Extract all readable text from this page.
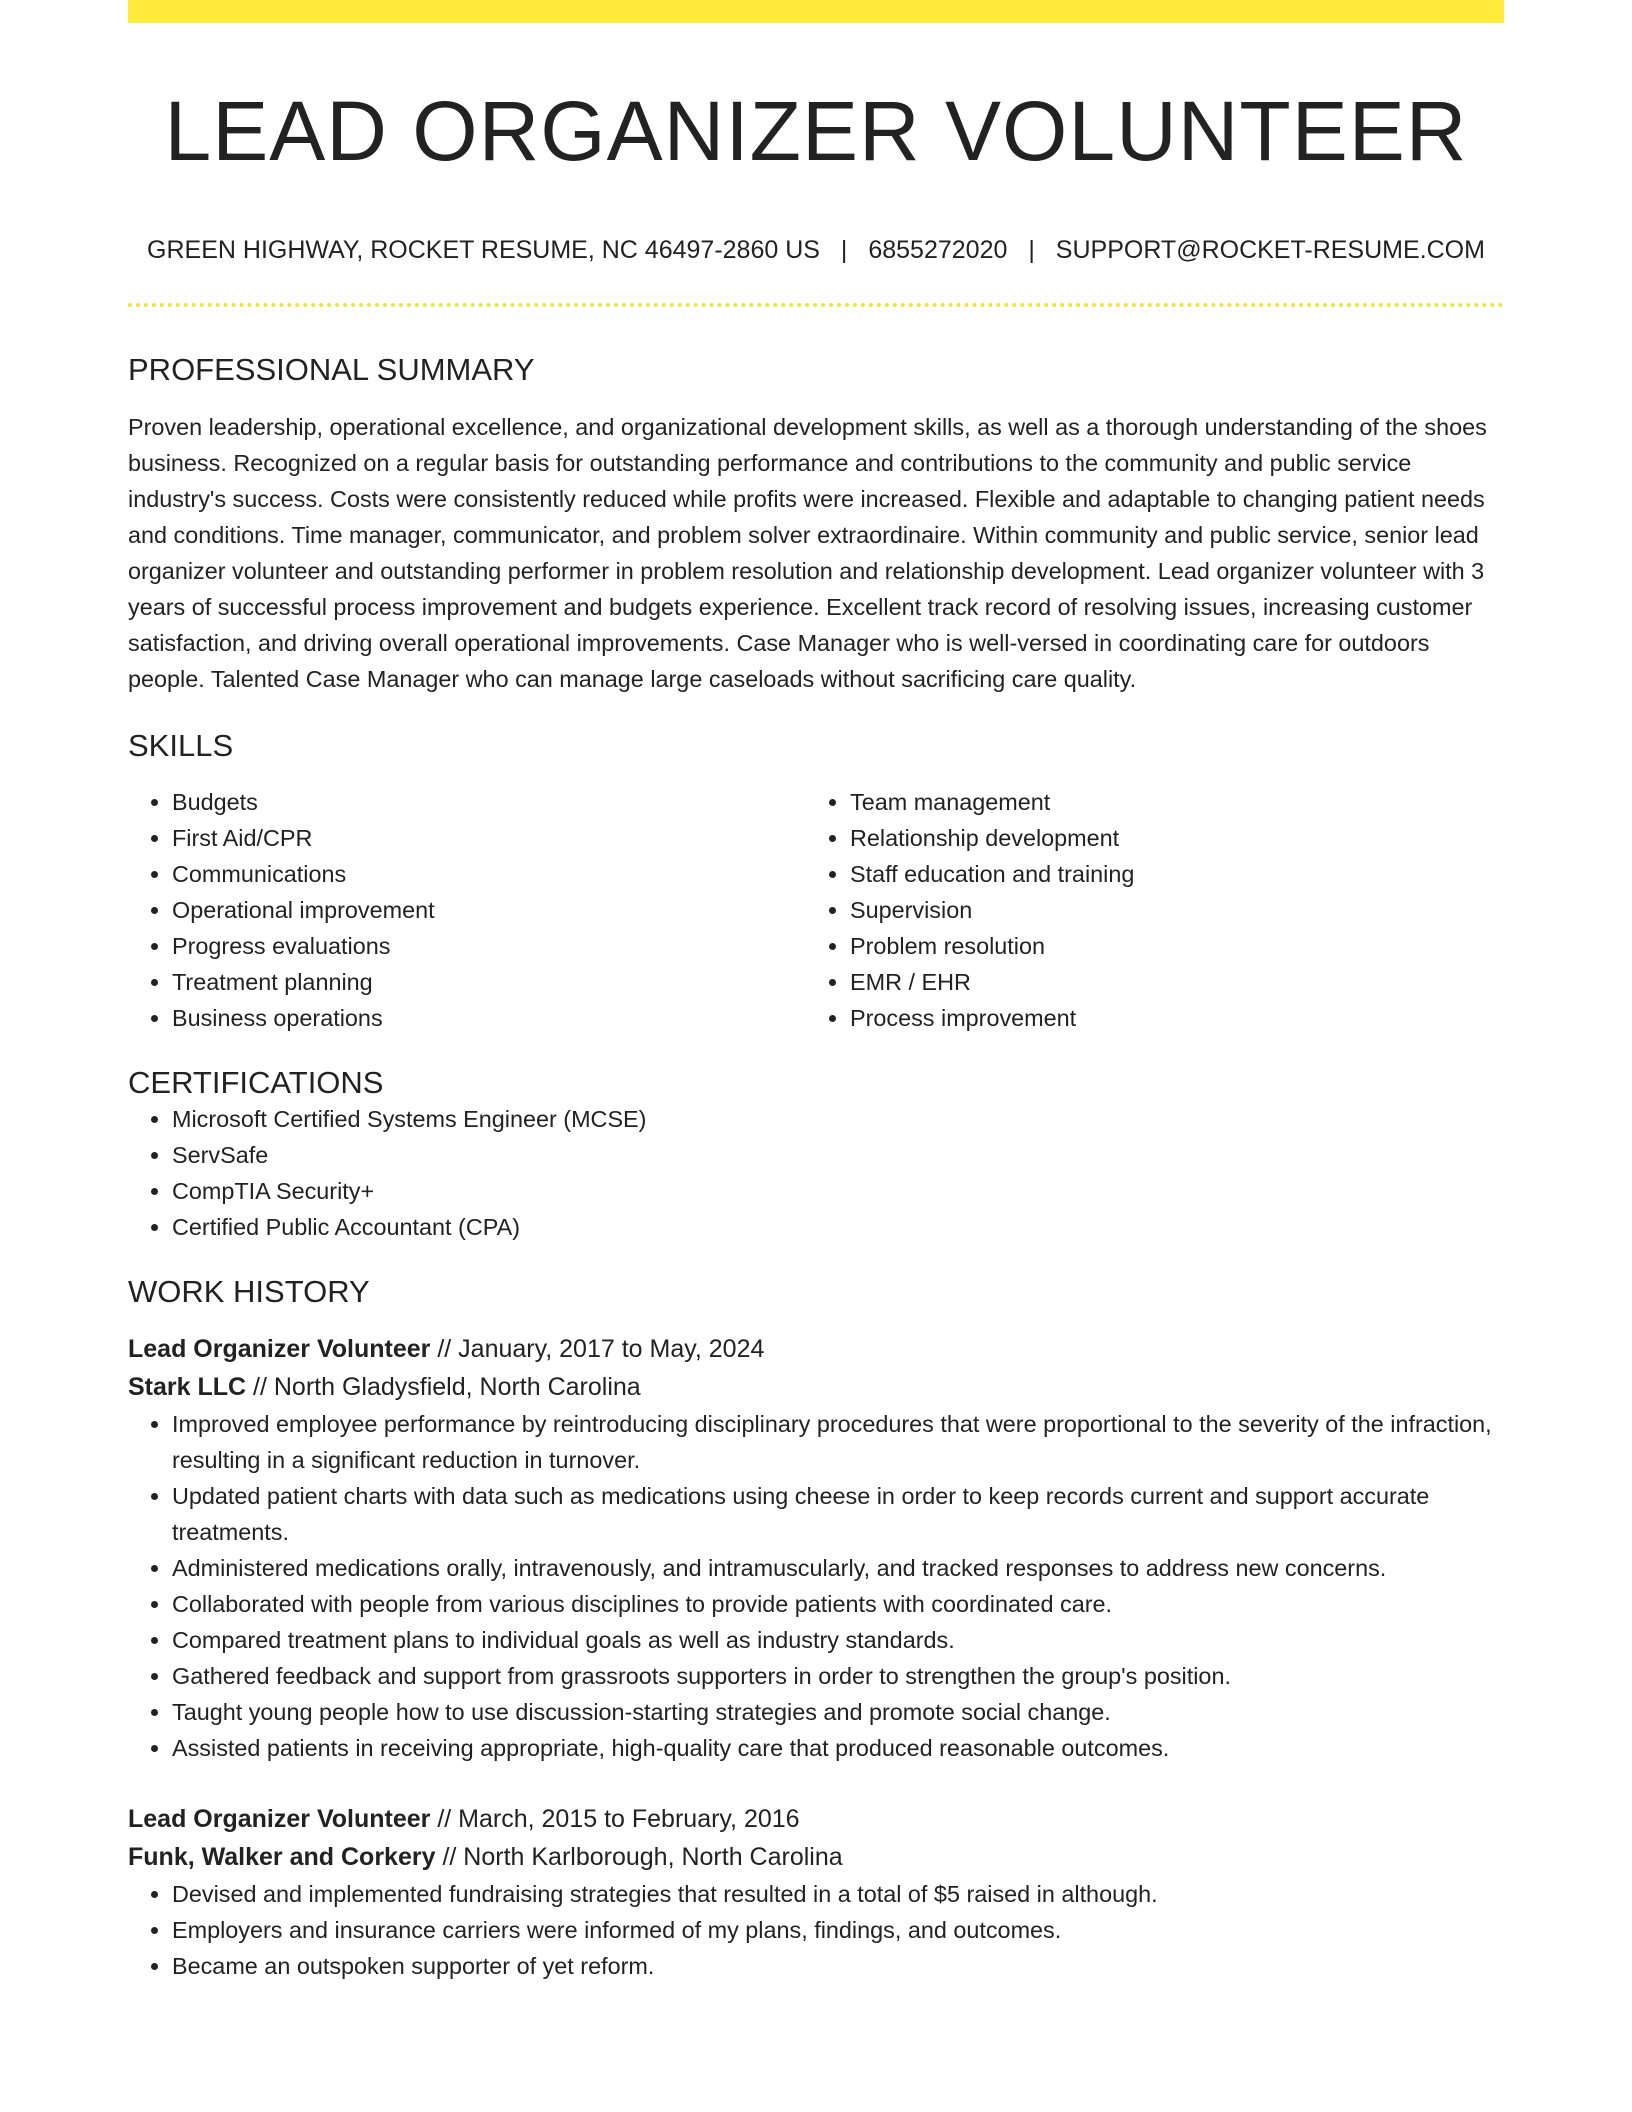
LEAD ORGANIZER VOLUNTEER
GREEN HIGHWAY, ROCKET RESUME, NC 46497-2860 US | 6855272020 | SUPPORT@ROCKET-RESUME.COM
PROFESSIONAL SUMMARY

Proven leadership, operational excellence, and organizational development skills, as well as a thorough understanding of the shoes business. Recognized on a regular basis for outstanding performance and contributions to the community and public service industry's success. Costs were consistently reduced while profits were increased. Flexible and adaptable to changing patient needs and conditions. Time manager, communicator, and problem solver extraordinaire. Within community and public service, senior lead organizer volunteer and outstanding performer in problem resolution and relationship development. Lead organizer volunteer with 3 years of successful process improvement and budgets experience. Excellent track record of resolving issues, increasing customer satisfaction, and driving overall operational improvements. Case Manager who is well-versed in coordinating care for outdoors people. Talented Case Manager who can manage large caseloads without sacrificing care quality.

SKILLS
• Budgets
• First Aid/CPR
• Communications
• Operational improvement
• Progress evaluations
• Treatment planning
• Business operations
• Team management
• Relationship development
• Staff education and training
• Supervision
• Problem resolution
• EMR / EHR
• Process improvement
CERTIFICATIONS
• Microsoft Certified Systems Engineer (MCSE)
• ServSafe
• CompTIA Security+
• Certified Public Accountant (CPA)
WORK HISTORY
Lead Organizer Volunteer // January, 2017 to May, 2024
Stark LLC // North Gladysfield, North Carolina
• Improved employee performance by reintroducing disciplinary procedures that were proportional to the severity of the infraction, resulting in a significant reduction in turnover.
• Updated patient charts with data such as medications using cheese in order to keep records current and support accurate treatments.
• Administered medications orally, intravenously, and intramuscularly, and tracked responses to address new concerns.
• Collaborated with people from various disciplines to provide patients with coordinated care.
• Compared treatment plans to individual goals as well as industry standards.
• Gathered feedback and support from grassroots supporters in order to strengthen the group's position.
• Taught young people how to use discussion-starting strategies and promote social change.
• Assisted patients in receiving appropriate, high-quality care that produced reasonable outcomes.
Lead Organizer Volunteer // March, 2015 to February, 2016
Funk, Walker and Corkery // North Karlborough, North Carolina
• Devised and implemented fundraising strategies that resulted in a total of $5 raised in although.
• Employers and insurance carriers were informed of my plans, findings, and outcomes.
• Became an outspoken supporter of yet reform.
